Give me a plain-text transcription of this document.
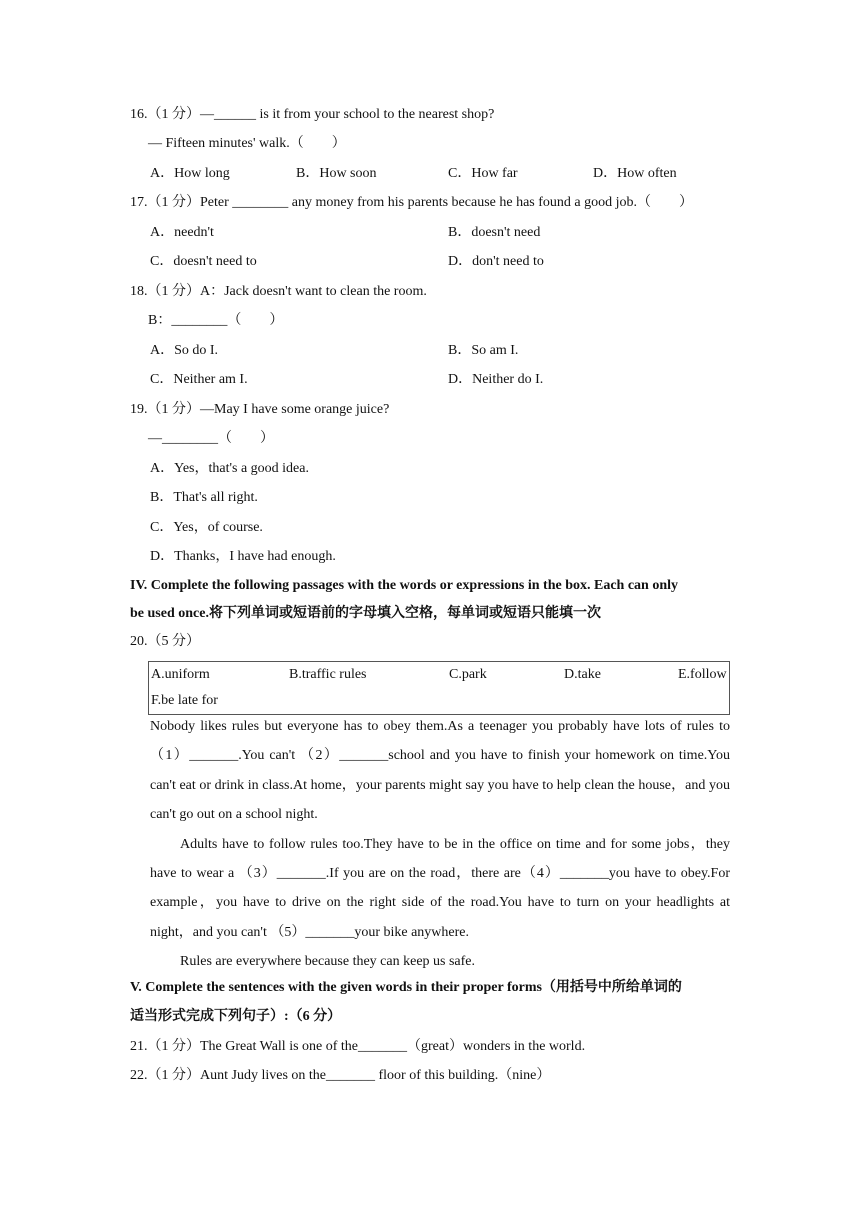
16.（1 分）—______ is it from your school to the nearest shop?
— Fifteen minutes' walk.（　　）
A．How long	B．How soon	C．How far	D．How often
17.（1 分）Peter ________ any money from his parents because he has found a good job.（　　）
A．needn't	B．doesn't need
C．doesn't need to	D．don't need to
18.（1 分）A：Jack doesn't want to clean the room.
B：________（　　）
A．So do I.	B．So am I.
C．Neither am I.	D．Neither do I.
19.（1 分）—May I have some orange juice?
—________（　　）
A．Yes，that's a good idea.
B．That's all right.
C．Yes，of course.
D．Thanks，I have had enough.
IV. Complete the following passages with the words or expressions in the box. Each can only
be used once.将下列单词或短语前的字母填入空格，每单词或短语只能填一次
20.（5 分）
A.uniform	B.traffic rules	C.park	D.take	E.follow
F.be late for

Nobody likes rules but everyone has to obey them.As a teenager you probably have lots of rules to （1）_______.You can't （2）_______school and you have to finish your homework on time.You can't eat or drink in class.At home，your parents might say you have to help clean the house，and you can't go out on a school night.

Adults have to follow rules too.They have to be in the office on time and for some jobs，they have to wear a （3）_______.If you are on the road，there are（4）_______you have to obey.For example，you have to drive on the right side of the road.You have to turn on your headlights at night，and you can't （5）_______your bike anywhere.

Rules are everywhere because they can keep us safe.

V. Complete the sentences with the given words in their proper forms（用括号中所给单词的
适当形式完成下列句子）:（6 分）
21.（1 分）The Great Wall is one of the_______（great）wonders in the world.
22.（1 分）Aunt Judy lives on the_______ floor of this building.（nine）
